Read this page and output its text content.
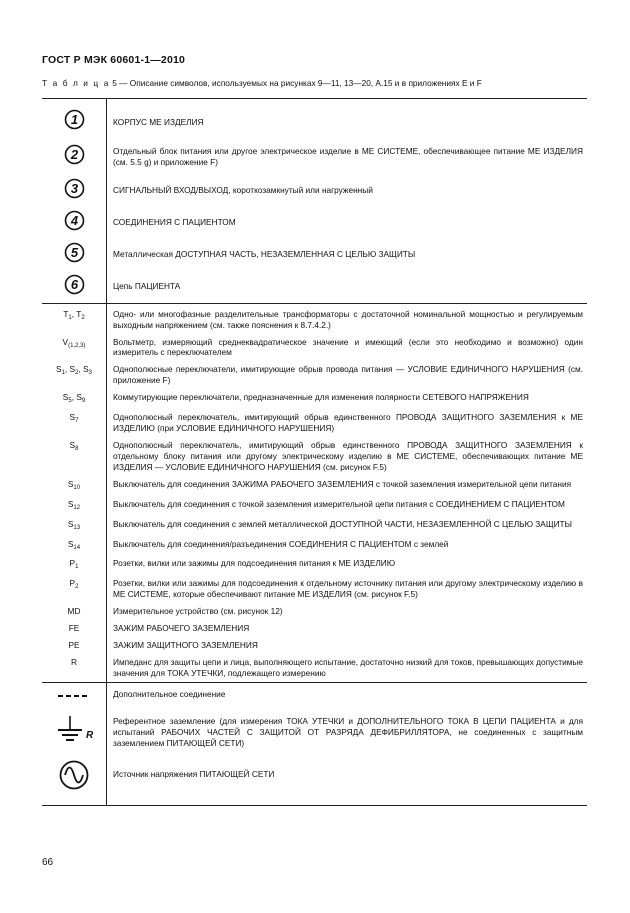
ГОСТ Р МЭК 60601-1—2010
Т а б л и ц а 5 — Описание символов, используемых на рисунках 9—11, 13—20, A.15 и в приложениях E и F
1	КОРПУС МЕ ИЗДЕЛИЯ

2	Отдельный блок питания или другое электрическое изделие в МЕ СИСТЕМЕ, обеспечивающее питание МЕ ИЗДЕЛИЯ (см. 5.5 g) и приложение F)

3	СИГНАЛЬНЫЙ ВХОД/ВЫХОД, короткозамкнутый или нагруженный

4	СОЕДИНЕНИЯ С ПАЦИЕНТОМ

5	Металлическая ДОСТУПНАЯ ЧАСТЬ, НЕЗАЗЕМЛЕННАЯ С ЦЕЛЬЮ ЗАЩИТЫ

6	Цепь ПАЦИЕНТА
$T_1$, $T_2$	Одно- или многофазные разделительные трансформаторы с достаточной номинальной мощностью и регулируемым выходным напряжением (см. также пояснения к 8.7.4.2.)
$V_{(1,2,3)}$	Вольтметр, измеряющий среднеквадратическое значение и имеющий (если это необходимо и возможно) один измеритель с переключателем
$S_1$, $S_2$, $S_3$	Однополюсные переключатели, имитирующие обрыв провода питания — УСЛОВИЕ ЕДИНИЧНОГО НАРУШЕНИЯ (см. приложение F)
$S_5$, $S_9$	Коммутирующие переключатели, предназначенные для изменения полярности СЕТЕВОГО НАПРЯЖЕНИЯ
$S_7$	Однополюсный переключатель, имитирующий обрыв единственного ПРОВОДА ЗАЩИТНОГО ЗАЗЕМЛЕНИЯ к МЕ ИЗДЕЛИЮ (при УСЛОВИЕ ЕДИНИЧНОГО НАРУШЕНИЯ)
$S_8$	Однополюсный переключатель, имитирующий обрыв единственного ПРОВОДА ЗАЩИТНОГО ЗАЗЕМЛЕНИЯ к отдельному блоку питания или другому электрическому изделию в МЕ СИСТЕМЕ, обеспечивающих питание МЕ ИЗДЕЛИЯ — УСЛОВИЕ ЕДИНИЧНОГО НАРУШЕНИЯ (см. рисунок F.5)
$S_{10}$	Выключатель для соединения ЗАЖИМА РАБОЧЕГО ЗАЗЕМЛЕНИЯ с точкой заземления измерительной цепи питания
$S_{12}$	Выключатель для соединения с точкой заземления измерительной цепи питания с СОЕДИНЕНИЕМ С ПАЦИЕНТОМ
$S_{13}$	Выключатель для соединения с землей металлической ДОСТУПНОЙ ЧАСТИ, НЕЗАЗЕМЛЕННОЙ С ЦЕЛЬЮ ЗАЩИТЫ
$S_{14}$	Выключатель для соединения/разъединения СОЕДИНЕНИЯ С ПАЦИЕНТОМ с землей
$P_1$	Розетки, вилки или зажимы для подсоединения питания к МЕ ИЗДЕЛИЮ
$P_2$	Розетки, вилки или зажимы для подсоединения к отдельному источнику питания или другому электрическому изделию в МЕ СИСТЕМЕ, которые обеспечивают питание МЕ ИЗДЕЛИЯ (см. рисунок F.5)
MD	Измерительное устройство (см. рисунок 12)
FE	ЗАЖИМ РАБОЧЕГО ЗАЗЕМЛЕНИЯ
PE	ЗАЖИМ ЗАЩИТНОГО ЗАЗЕМЛЕНИЯ
R	Импеданс для защиты цепи и лица, выполняющего испытание, достаточно низкий для токов, превышающих допустимые значения для ТОКА УТЕЧКИ, подлежащего измерению
	Дополнительное соединение

R	Референтное заземление (для измерения ТОКА УТЕЧКИ и ДОПОЛНИТЕЛЬНОГО ТОКА В ЦЕПИ ПАЦИЕНТА и для испытаний РАБОЧИХ ЧАСТЕЙ С ЗАЩИТОЙ ОТ РАЗРЯДА ДЕФИБРИЛЛЯТОРА, не соединенных с защитным заземлением ПИТАЮЩЕЙ СЕТИ)

	Источник напряжения ПИТАЮЩЕЙ СЕТИ
66
